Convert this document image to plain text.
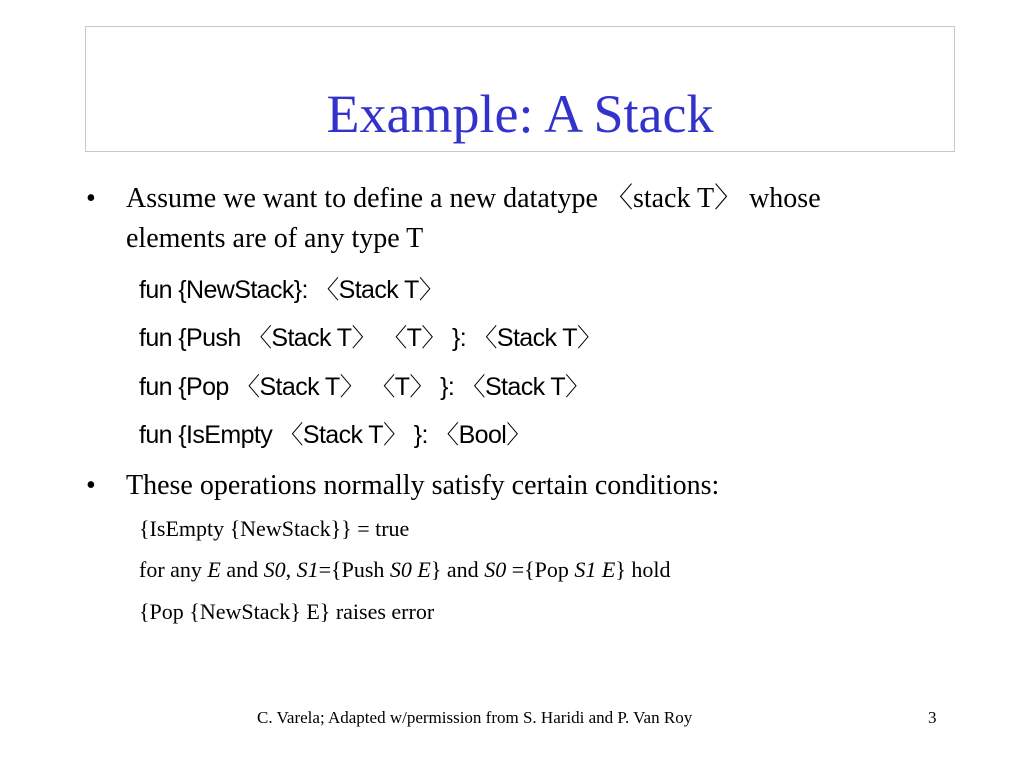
Example: A Stack
• Assume we want to define a new datatype 〈stack T〉 whose
elements are of any type T
fun {NewStack}: 〈Stack T〉
fun {Push 〈Stack T〉 〈T〉 }: 〈Stack T〉
fun {Pop 〈Stack T〉 〈T〉 }: 〈Stack T〉
fun {IsEmpty 〈Stack T〉 }: 〈Bool〉
• These operations normally satisfy certain conditions:
{IsEmpty {NewStack}} = true
for any E and S0, S1={Push S0 E} and S0 ={Pop S1 E} hold
{Pop {NewStack} E} raises error
C. Varela; Adapted w/permission from S. Haridi and P. Van Roy	3
